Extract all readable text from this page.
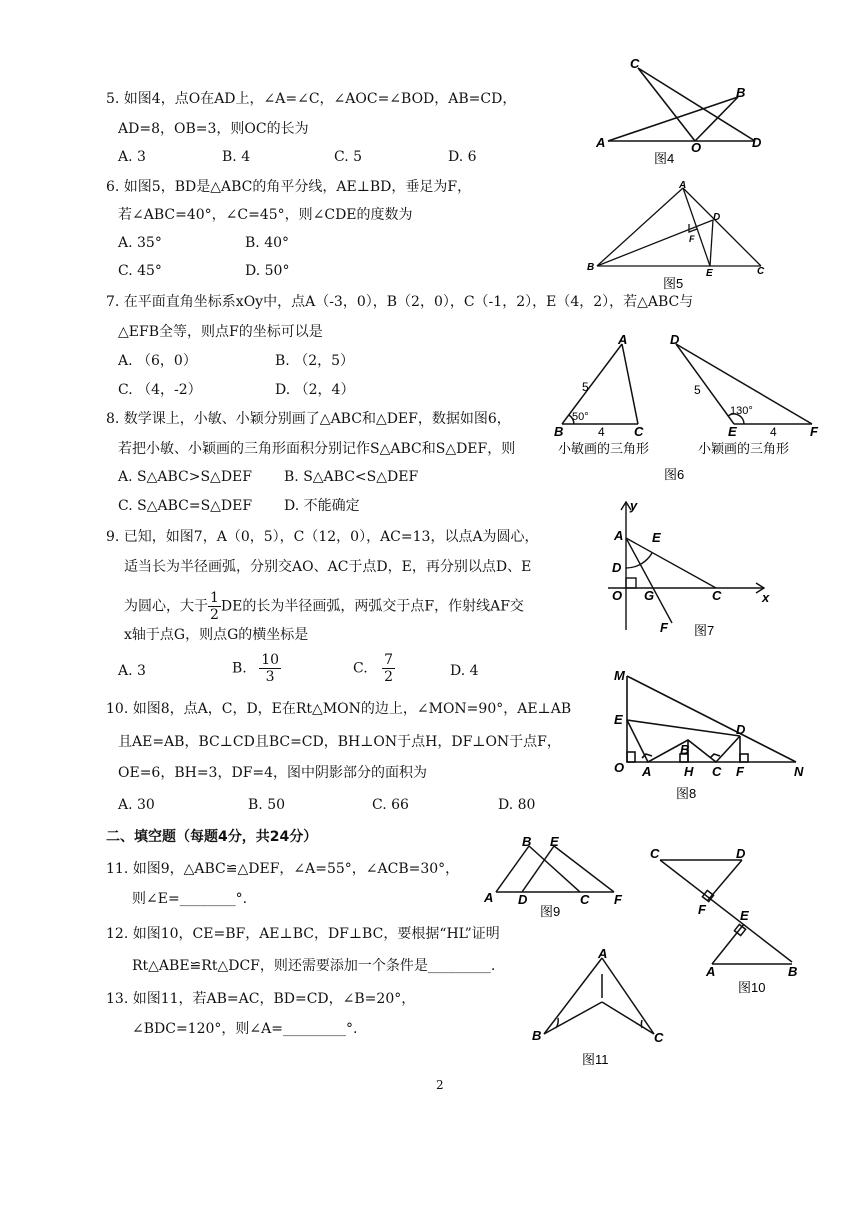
5. 如图4，点O在AD上，∠A=∠C，∠AOC=∠BOD，AB=CD，
AD=8，OB=3，则OC的长为
A. 3	B. 4	C. 5	D. 6
C
B
A	O	D
图4
6. 如图5，BD是△ABC的角平分线，AE⊥BD，垂足为F，
若∠ABC=40°，∠C=45°，则∠CDE的度数为
A. 35°	B. 40°
C. 45°	D. 50°
A
D
F
B
E	C
图5
7. 在平面直角坐标系xOy中，点A（-3，0），B（2，0），C（-1，2），E（4，2），若△ABC与
△EFB全等，则点F的坐标可以是
A. （6，0）	B. （2，5）
C. （4，-2）	D. （2，4）
8. 数学课上，小敏、小颖分别画了△ABC和△DEF，数据如图6，
若把小敏、小颖画的三角形面积分别记作S△ABC和S△DEF，则
A. S△ABC>S△DEF B. S△ABC<S△DEF
C. S△ABC=S△DEF D. 不能确定
A
B	C
5
50°
4
D
E	F
5
130°
4
小敏画的三角形	小颖画的三角形
图6
9. 已知，如图7，A（0，5），C（12，0），AC=13，以点A为圆心，
适当长为半径画弧，分别交AO、AC于点D，E，再分别以点D、E
为圆心，大于 $\frac{1}{2}$ DE的长为半径画弧，两弧交于点F，作射线AF交
x轴于点G，则点G的横坐标是
A. 3	B. $\frac{10}{3}$	C. $\frac{7}{2}$	D. 4
y
A E
D
O G	C	x
F 图7
10. 如图8，点A，C，D，E在Rt△MON的边上，∠MON=90°，AE⊥AB
且AE=AB，BC⊥CD且BC=CD，BH⊥ON于点H，DF⊥ON于点F，
OE=6，BH=3，DF=4，图中阴影部分的面积为
A. 30	B. 50	C. 66	D. 80
M
E
D
B
O A	H C F	N
图8
二、填空题（每题4分，共24分）
11. 如图9，△ABC≌△DEF，∠A=55°，∠ACB=30°，
则∠E=________°.
B E
A D	C F
图9
12. 如图10，CE=BF，AE⊥BC，DF⊥BC，要根据“HL”证明
Rt△ABE≌Rt△DCF，则还需要添加一个条件是_________.
C	D
F	E
A	B
图10
13. 如图11，若AB=AC，BD=CD，∠B=20°，
∠BDC=120°，则∠A=_________°.
A
B	C
图11
2
